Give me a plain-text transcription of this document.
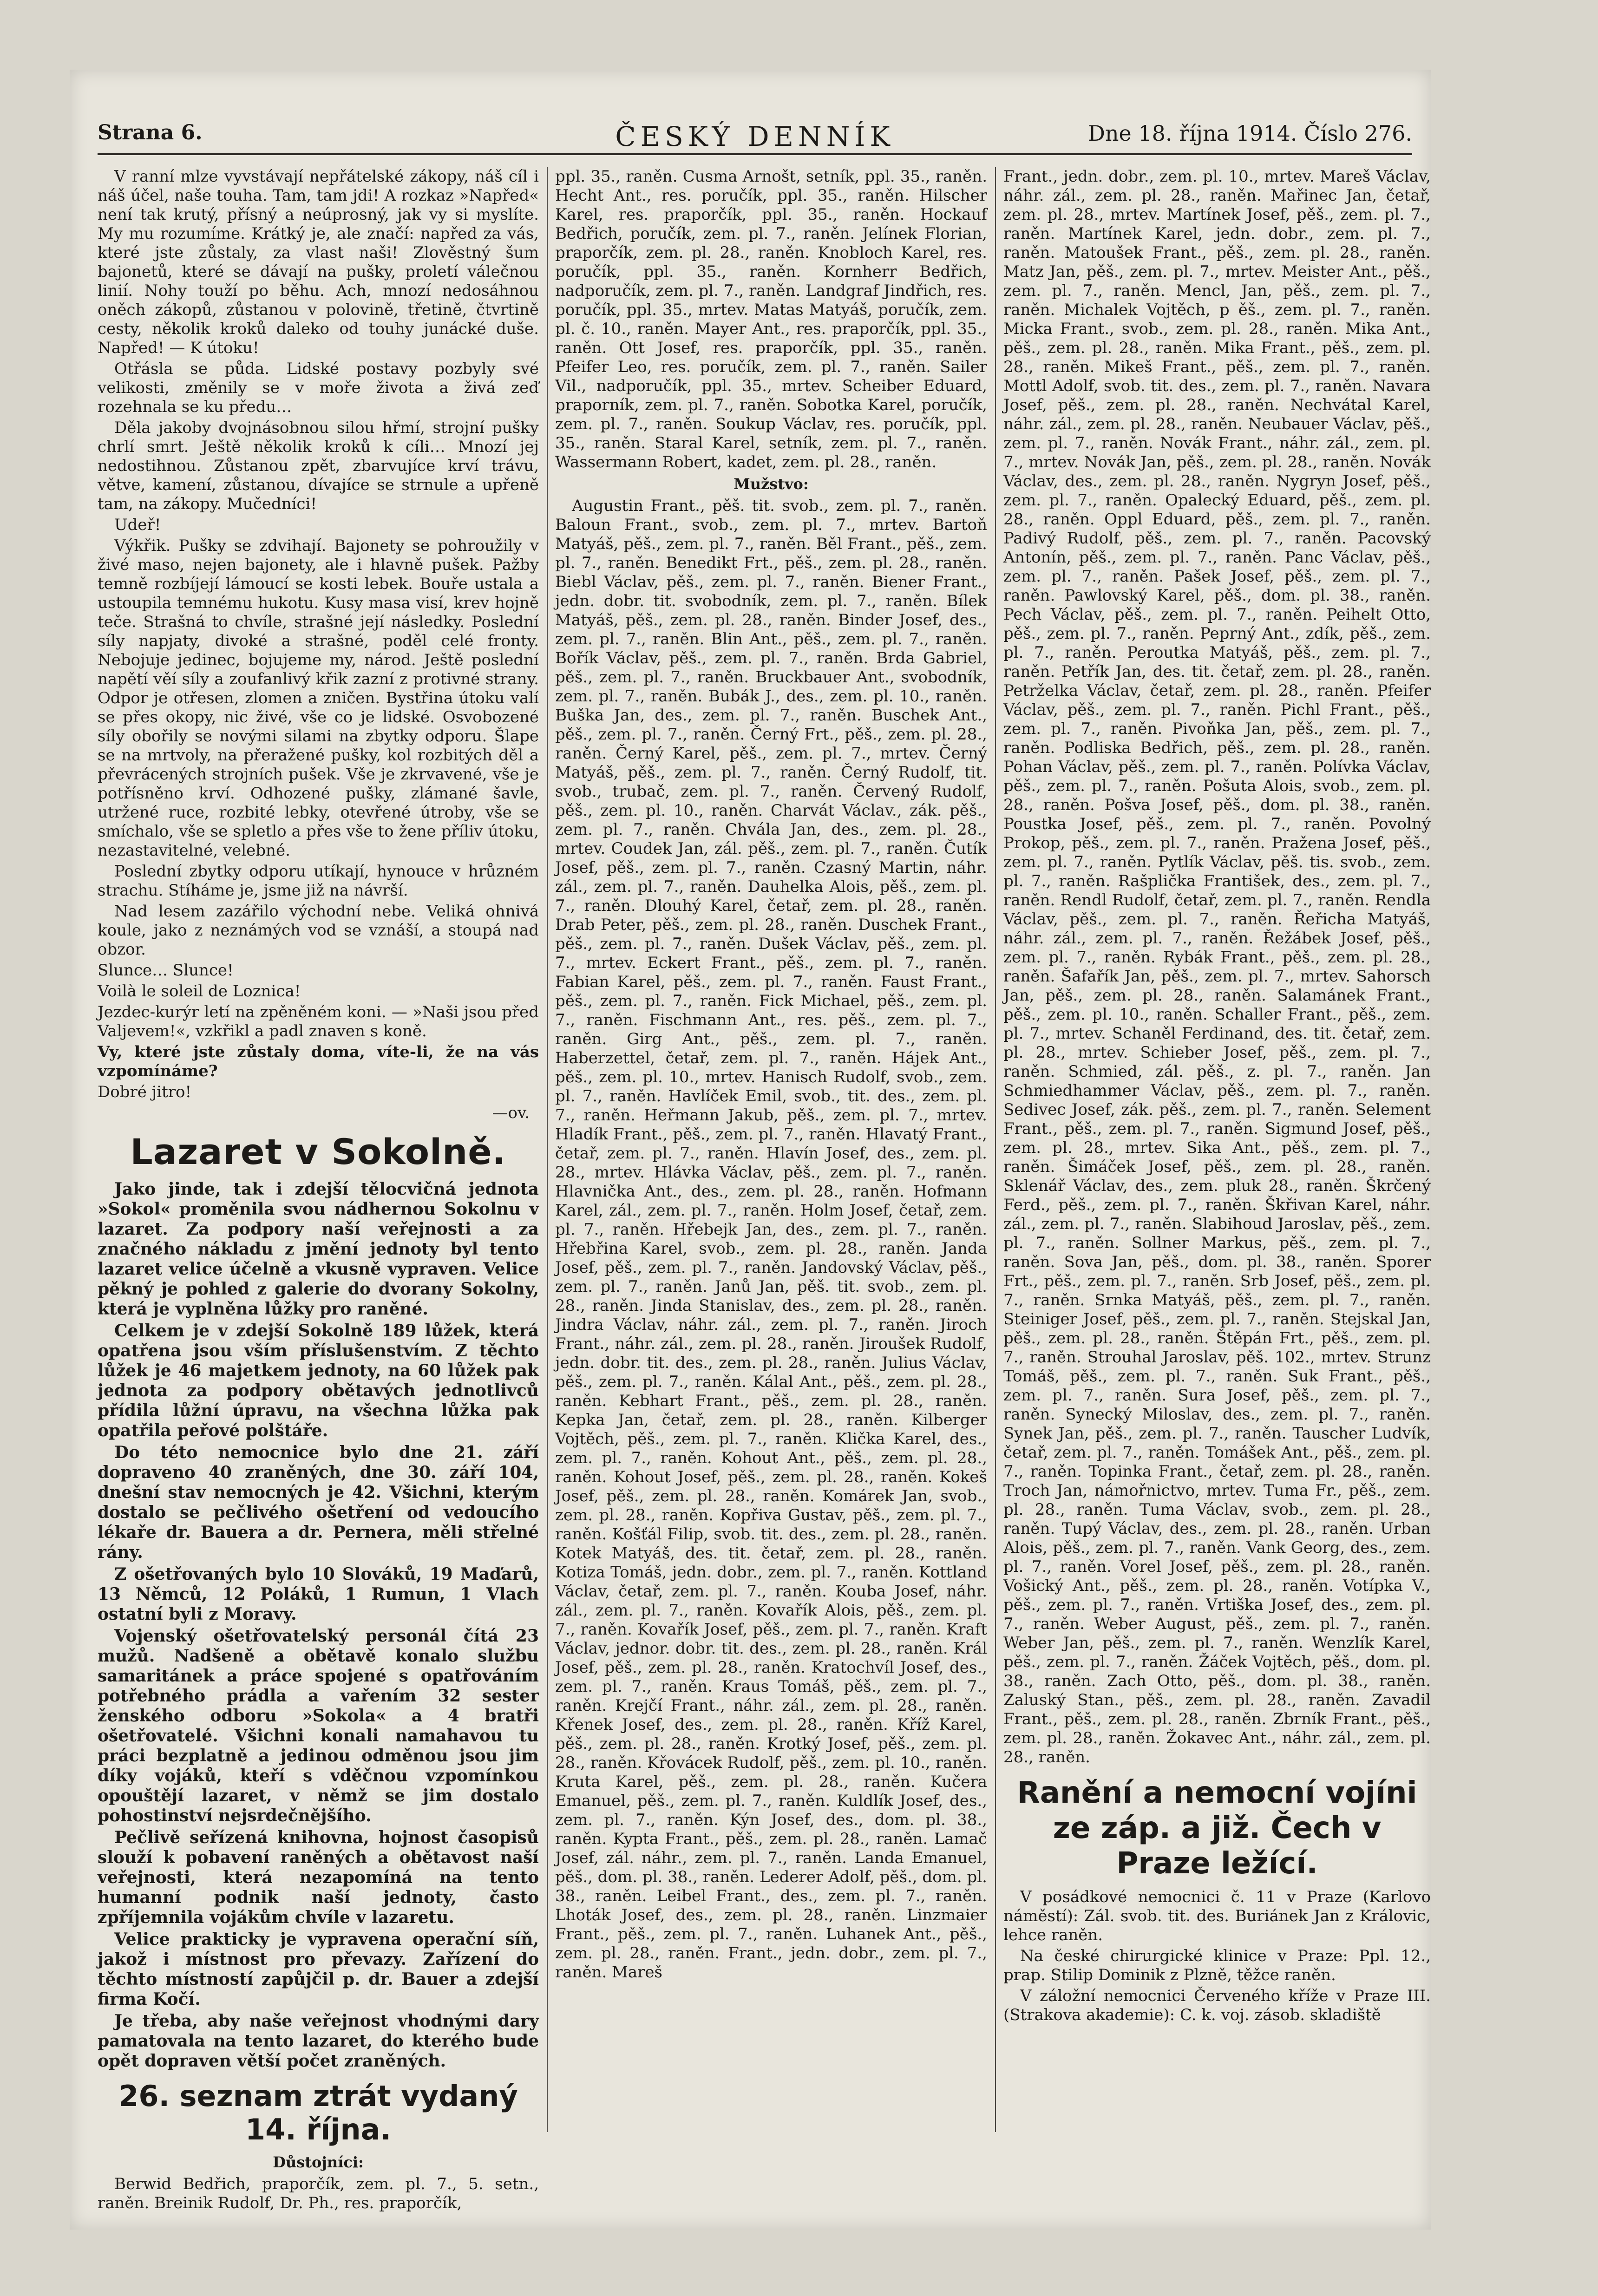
Strana 6.	ČESKÝ DENNÍK	Dne 18. října 1914. Číslo 276.

V ranní mlze vyvstávají nepřátelské zákopy, náš cíl i náš účel, naše touha. Tam, tam jdi! A rozkaz »Napřed« není tak krutý, přísný a neúprosný, jak vy si myslíte. My mu rozumíme. Krátký je, ale značí: napřed za vás, které jste zůstaly, za vlast naši! Zlověstný šum bajonetů, které se dávají na pušky, proletí válečnou linií. Nohy touží po běhu. Ach, mnozí nedosáhnou oněch zákopů, zůstanou v polovině, třetině, čtvrtině cesty, několik kroků daleko od touhy junácké duše. Napřed! — K útoku!

Otřásla se půda. Lidské postavy pozbyly své velikosti, změnily se v moře života a živá zeď rozehnala se ku předu…

Děla jakoby dvojnásobnou silou hřmí, strojní pušky chrlí smrt. Ještě několik kroků k cíli… Mnozí jej nedostihnou. Zůstanou zpět, zbarvujíce krví trávu, větve, kamení, zůstanou, dívajíce se strnule a upřeně tam, na zákopy. Mučedníci!

Udeř!

Výkřik. Pušky se zdvihají. Bajonety se pohroužily v živé maso, nejen bajonety, ale i hlavně pušek. Pažby temně rozbíjejí lámoucí se kosti lebek. Bouře ustala a ustoupila temnému hukotu. Kusy masa visí, krev hojně teče. Strašná to chvíle, strašné její následky. Poslední síly napjaty, divoké a strašné, poděl celé fronty. Nebojuje jedinec, bojujeme my, národ. Ještě poslední napětí věí síly a zoufanlivý křik zazní z protivné strany. Odpor je otřesen, zlomen a zničen. Bystřina útoku valí se přes okopy, nic živé, vše co je lidské. Osvobozené síly obořily se novými silami na zbytky odporu. Šlape se na mrtvoly, na přeražené pušky, kol rozbitých děl a převrácených strojních pušek. Vše je zkrvavené, vše je potřísněno krví. Odhozené pušky, zlámané šavle, utržené ruce, rozbité lebky, otevřené útroby, vše se smíchalo, vše se spletlo a přes vše to žene příliv útoku, nezastavitelné, velebné.

Poslední zbytky odporu utíkají, hynouce v hrůzném strachu. Stíháme je, jsme již na návrší.

Nad lesem zazářilo východní nebe. Veliká ohnivá koule, jako z neznámých vod se vznáší, a stoupá nad obzor.

Slunce… Slunce!

Voilà le soleil de Loznica!

Jezdec-kurýr letí na zpěněném koni. — »Naši jsou před Valjevem!«, vzkřikl a padl znaven s koně.

Vy, které jste zůstaly doma, víte-li, že na vás vzpomínáme?

Dobré jitro!

—ov.
Lazaret v Sokolně.

Jako jinde, tak i zdejší tělocvičná jednota »Sokol« proměnila svou nádhernou Sokolnu v lazaret. Za podpory naší veřejnosti a za značného nákladu z jmění jednoty byl tento lazaret velice účelně a vkusně vypraven. Velice pěkný je pohled z galerie do dvorany Sokolny, která je vyplněna lůžky pro raněné.

Celkem je v zdejší Sokolně 189 lůžek, která opatřena jsou vším příslušenstvím. Z těchto lůžek je 46 majetkem jednoty, na 60 lůžek pak jednota za podpory obětavých jednotlivců přídila lůžní úpravu, na všechna lůžka pak opatřila peřové polštáře.

Do této nemocnice bylo dne 21. září dopraveno 40 zraněných, dne 30. září 104, dnešní stav nemocných je 42. Všichni, kterým dostalo se pečlivého ošetření od vedoucího lékaře dr. Bauera a dr. Pernera, měli střelné rány.

Z ošetřovaných bylo 10 Slováků, 19 Maďarů, 13 Němců, 12 Poláků, 1 Rumun, 1 Vlach ostatní byli z Moravy.

Vojenský ošetřovatelský personál čítá 23 mužů. Nadšeně a obětavě konalo službu samaritánek a práce spojené s opatřováním potřebného prádla a vařením 32 sester ženského odboru »Sokola« a 4 bratři ošetřovatelé. Všichni konali namahavou tu práci bezplatně a jedinou odměnou jsou jim díky vojáků, kteří s vděčnou vzpomínkou opouštějí lazaret, v němž se jim dostalo pohostinství nejsrdečnějšího.

Pečlivě seřízená knihovna, hojnost časopisů slouží k pobavení raněných a obětavost naší veřejnosti, která nezapomíná na tento humanní podnik naší jednoty, často zpříjemnila vojákům chvíle v lazaretu.

Velice prakticky je vypravena operační síň, jakož i místnost pro převazy. Zařízení do těchto místností zapůjčil p. dr. Bauer a zdejší firma Kočí.

Je třeba, aby naše veřejnost vhodnými dary pamatovala na tento lazaret, do kterého bude opět dopraven větší počet zraněných.

26. seznam ztrát vydaný 14. října.

Důstojníci:

Berwid Bedřich, praporčík, zem. pl. 7., 5. setn., raněn. Breinik Rudolf, Dr. Ph., res. praporčík,

ppl. 35., raněn. Cusma Arnošt, setník, ppl. 35., raněn. Hecht Ant., res. poručík, ppl. 35., raněn. Hilscher Karel, res. praporčík, ppl. 35., raněn. Hockauf Bedřich, poručík, zem. pl. 7., raněn. Jelínek Florian, praporčík, zem. pl. 28., raněn. Knobloch Karel, res. poručík, ppl. 35., raněn. Kornherr Bedřich, nadporučík, zem. pl. 7., raněn. Landgraf Jindřich, res. poručík, ppl. 35., mrtev. Matas Matyáš, poručík, zem. pl. č. 10., raněn. Mayer Ant., res. praporčík, ppl. 35., raněn. Ott Josef, res. praporčík, ppl. 35., raněn. Pfeifer Leo, res. poručík, zem. pl. 7., raněn. Sailer Vil., nadporučík, ppl. 35., mrtev. Scheiber Eduard, praporník, zem. pl. 7., raněn. Sobotka Karel, poručík, zem. pl. 7., raněn. Soukup Václav, res. poručík, ppl. 35., raněn. Staral Karel, setník, zem. pl. 7., raněn. Wassermann Robert, kadet, zem. pl. 28., raněn.

Mužstvo:

Augustin Frant., pěš. tit. svob., zem. pl. 7., raněn. Baloun Frant., svob., zem. pl. 7., mrtev. Bartoň Matyáš, pěš., zem. pl. 7., raněn. Běl Frant., pěš., zem. pl. 7., raněn. Benedikt Frt., pěš., zem. pl. 28., raněn. Biebl Václav, pěš., zem. pl. 7., raněn. Biener Frant., jedn. dobr. tit. svobodník, zem. pl. 7., raněn. Bílek Matyáš, pěš., zem. pl. 28., raněn. Binder Josef, des., zem. pl. 7., raněn. Blin Ant., pěš., zem. pl. 7., raněn. Bořík Václav, pěš., zem. pl. 7., raněn. Brda Gabriel, pěš., zem. pl. 7., raněn. Bruckbauer Ant., svobodník, zem. pl. 7., raněn. Bubák J., des., zem. pl. 10., raněn. Buška Jan, des., zem. pl. 7., raněn. Buschek Ant., pěš., zem. pl. 7., raněn. Černý Frt., pěš., zem. pl. 28., raněn. Černý Karel, pěš., zem. pl. 7., mrtev. Černý Matyáš, pěš., zem. pl. 7., raněn. Černý Rudolf, tit. svob., trubač, zem. pl. 7., raněn. Červený Rudolf, pěš., zem. pl. 10., raněn. Charvát Václav., zák. pěš., zem. pl. 7., raněn. Chvála Jan, des., zem. pl. 28., mrtev. Coudek Jan, zál. pěš., zem. pl. 7., raněn. Čutík Josef, pěš., zem. pl. 7., raněn. Czasný Martin, náhr. zál., zem. pl. 7., raněn. Dauhelka Alois, pěš., zem. pl. 7., raněn. Dlouhý Karel, četař, zem. pl. 28., raněn. Drab Peter, pěš., zem. pl. 28., raněn. Duschek Frant., pěš., zem. pl. 7., raněn. Dušek Václav, pěš., zem. pl. 7., mrtev. Eckert Frant., pěš., zem. pl. 7., raněn. Fabian Karel, pěš., zem. pl. 7., raněn. Faust Frant., pěš., zem. pl. 7., raněn. Fick Michael, pěš., zem. pl. 7., raněn. Fischmann Ant., res. pěš., zem. pl. 7., raněn. Girg Ant., pěš., zem. pl. 7., raněn. Haberzettel, četař, zem. pl. 7., raněn. Hájek Ant., pěš., zem. pl. 10., mrtev. Hanisch Rudolf, svob., zem. pl. 7., raněn. Havlíček Emil, svob., tit. des., zem. pl. 7., raněn. Heřmann Jakub, pěš., zem. pl. 7., mrtev. Hladík Frant., pěš., zem. pl. 7., raněn. Hlavatý Frant., četař, zem. pl. 7., raněn. Hlavín Josef, des., zem. pl. 28., mrtev. Hlávka Václav, pěš., zem. pl. 7., raněn. Hlavnička Ant., des., zem. pl. 28., raněn. Hofmann Karel, zál., zem. pl. 7., raněn. Holm Josef, četař, zem. pl. 7., raněn. Hřebejk Jan, des., zem. pl. 7., raněn. Hřebřina Karel, svob., zem. pl. 28., raněn. Janda Josef, pěš., zem. pl. 7., raněn. Jandovský Václav, pěš., zem. pl. 7., raněn. Janů Jan, pěš. tit. svob., zem. pl. 28., raněn. Jinda Stanislav, des., zem. pl. 28., raněn. Jindra Václav, náhr. zál., zem. pl. 7., raněn. Jiroch Frant., náhr. zál., zem. pl. 28., raněn. Jiroušek Rudolf, jedn. dobr. tit. des., zem. pl. 28., raněn. Julius Václav, pěš., zem. pl. 7., raněn. Kálal Ant., pěš., zem. pl. 28., raněn. Kebhart Frant., pěš., zem. pl. 28., raněn. Kepka Jan, četař, zem. pl. 28., raněn. Kilberger Vojtěch, pěš., zem. pl. 7., raněn. Klička Karel, des., zem. pl. 7., raněn. Kohout Ant., pěš., zem. pl. 28., raněn. Kohout Josef, pěš., zem. pl. 28., raněn. Kokeš Josef, pěš., zem. pl. 28., raněn. Komárek Jan, svob., zem. pl. 28., raněn. Kopřiva Gustav, pěš., zem. pl. 7., raněn. Košťál Filip, svob. tit. des., zem. pl. 28., raněn. Kotek Matyáš, des. tit. četař, zem. pl. 28., raněn. Kotiza Tomáš, jedn. dobr., zem. pl. 7., raněn. Kottland Václav, četař, zem. pl. 7., raněn. Kouba Josef, náhr. zál., zem. pl. 7., raněn. Kovařík Alois, pěš., zem. pl. 7., raněn. Kovařík Josef, pěš., zem. pl. 7., raněn. Kraft Václav, jednor. dobr. tit. des., zem. pl. 28., raněn. Král Josef, pěš., zem. pl. 28., raněn. Kratochvíl Josef, des., zem. pl. 7., raněn. Kraus Tomáš, pěš., zem. pl. 7., raněn. Krejčí Frant., náhr. zál., zem. pl. 28., raněn. Křenek Josef, des., zem. pl. 28., raněn. Kříž Karel, pěš., zem. pl. 28., raněn. Krotký Josef, pěš., zem. pl. 28., raněn. Křovácek Rudolf, pěš., zem. pl. 10., raněn. Kruta Karel, pěš., zem. pl. 28., raněn. Kučera Emanuel, pěš., zem. pl. 7., raněn. Kuldlík Josef, des., zem. pl. 7., raněn. Kýn Josef, des., dom. pl. 38., raněn. Kypta Frant., pěš., zem. pl. 28., raněn. Lamač Josef, zál. náhr., zem. pl. 7., raněn. Landa Emanuel, pěš., dom. pl. 38., raněn. Lederer Adolf, pěš., dom. pl. 38., raněn. Leibel Frant., des., zem. pl. 7., raněn. Lhoták Josef, des., zem. pl. 28., raněn. Linzmaier Frant., pěš., zem. pl. 7., raněn. Luhanek Ant., pěš., zem. pl. 28., raněn. Frant., jedn. dobr., zem. pl. 7., raněn. Mareš

Frant., jedn. dobr., zem. pl. 10., mrtev. Mareš Václav, náhr. zál., zem. pl. 28., raněn. Mařinec Jan, četař, zem. pl. 28., mrtev. Martínek Josef, pěš., zem. pl. 7., raněn. Martínek Karel, jedn. dobr., zem. pl. 7., raněn. Matoušek Frant., pěš., zem. pl. 28., raněn. Matz Jan, pěš., zem. pl. 7., mrtev. Meister Ant., pěš., zem. pl. 7., raněn. Mencl, Jan, pěš., zem. pl. 7., raněn. Michalek Vojtěch, p ěš., zem. pl. 7., raněn. Micka Frant., svob., zem. pl. 28., raněn. Mika Ant., pěš., zem. pl. 28., raněn. Mika Frant., pěš., zem. pl. 28., raněn. Mikeš Frant., pěš., zem. pl. 7., raněn. Mottl Adolf, svob. tit. des., zem. pl. 7., raněn. Navara Josef, pěš., zem. pl. 28., raněn. Nechvátal Karel, náhr. zál., zem. pl. 28., raněn. Neubauer Václav, pěš., zem. pl. 7., raněn. Novák Frant., náhr. zál., zem. pl. 7., mrtev. Novák Jan, pěš., zem. pl. 28., raněn. Novák Václav, des., zem. pl. 28., raněn. Nygryn Josef, pěš., zem. pl. 7., raněn. Opalecký Eduard, pěš., zem. pl. 28., raněn. Oppl Eduard, pěš., zem. pl. 7., raněn. Padivý Rudolf, pěš., zem. pl. 7., raněn. Pacovský Antonín, pěš., zem. pl. 7., raněn. Panc Václav, pěš., zem. pl. 7., raněn. Pašek Josef, pěš., zem. pl. 7., raněn. Pawlovský Karel, pěš., dom. pl. 38., raněn. Pech Václav, pěš., zem. pl. 7., raněn. Peihelt Otto, pěš., zem. pl. 7., raněn. Peprný Ant., zdík, pěš., zem. pl. 7., raněn. Peroutka Matyáš, pěš., zem. pl. 7., raněn. Petřík Jan, des. tit. četař, zem. pl. 28., raněn. Petrželka Václav, četař, zem. pl. 28., raněn. Pfeifer Václav, pěš., zem. pl. 7., raněn. Pichl Frant., pěš., zem. pl. 7., raněn. Pivoňka Jan, pěš., zem. pl. 7., raněn. Podliska Bedřich, pěš., zem. pl. 28., raněn. Pohan Václav, pěš., zem. pl. 7., raněn. Polívka Václav, pěš., zem. pl. 7., raněn. Pošuta Alois, svob., zem. pl. 28., raněn. Pošva Josef, pěš., dom. pl. 38., raněn. Poustka Josef, pěš., zem. pl. 7., raněn. Povolný Prokop, pěš., zem. pl. 7., raněn. Pražena Josef, pěš., zem. pl. 7., raněn. Pytlík Václav, pěš. tis. svob., zem. pl. 7., raněn. Rašplička František, des., zem. pl. 7., raněn. Rendl Rudolf, četař, zem. pl. 7., raněn. Rendla Václav, pěš., zem. pl. 7., raněn. Řeřicha Matyáš, náhr. zál., zem. pl. 7., raněn. Řežábek Josef, pěš., zem. pl. 7., raněn. Rybák Frant., pěš., zem. pl. 28., raněn. Šafařík Jan, pěš., zem. pl. 7., mrtev. Sahorsch Jan, pěš., zem. pl. 28., raněn. Salamánek Frant., pěš., zem. pl. 10., raněn. Schaller Frant., pěš., zem. pl. 7., mrtev. Schaněl Ferdinand, des. tit. četař, zem. pl. 28., mrtev. Schieber Josef, pěš., zem. pl. 7., raněn. Schmied, zál. pěš., z. pl. 7., raněn. Jan Schmiedhammer Václav, pěš., zem. pl. 7., raněn. Sedivec Josef, zák. pěš., zem. pl. 7., raněn. Selement Frant., pěš., zem. pl. 7., raněn. Sigmund Josef, pěš., zem. pl. 28., mrtev. Sika Ant., pěš., zem. pl. 7., raněn. Šimáček Josef, pěš., zem. pl. 28., raněn. Sklenář Václav, des., zem. pluk 28., raněn. Škrčený Ferd., pěš., zem. pl. 7., raněn. Škřivan Karel, náhr. zál., zem. pl. 7., raněn. Slabihoud Jaroslav, pěš., zem. pl. 7., raněn. Sollner Markus, pěš., zem. pl. 7., raněn. Sova Jan, pěš., dom. pl. 38., raněn. Sporer Frt., pěš., zem. pl. 7., raněn. Srb Josef, pěš., zem. pl. 7., raněn. Srnka Matyáš, pěš., zem. pl. 7., raněn. Steiniger Josef, pěš., zem. pl. 7., raněn. Stejskal Jan, pěš., zem. pl. 28., raněn. Štěpán Frt., pěš., zem. pl. 7., raněn. Strouhal Jaroslav, pěš. 102., mrtev. Strunz Tomáš, pěš., zem. pl. 7., raněn. Suk Frant., pěš., zem. pl. 7., raněn. Sura Josef, pěš., zem. pl. 7., raněn. Synecký Miloslav, des., zem. pl. 7., raněn. Synek Jan, pěš., zem. pl. 7., raněn. Tauscher Ludvík, četař, zem. pl. 7., raněn. Tomášek Ant., pěš., zem. pl. 7., raněn. Topinka Frant., četař, zem. pl. 28., raněn. Troch Jan, námořnictvo, mrtev. Tuma Fr., pěš., zem. pl. 28., raněn. Tuma Václav, svob., zem. pl. 28., raněn. Tupý Václav, des., zem. pl. 28., raněn. Urban Alois, pěš., zem. pl. 7., raněn. Vank Georg, des., zem. pl. 7., raněn. Vorel Josef, pěš., zem. pl. 28., raněn. Vošický Ant., pěš., zem. pl. 28., raněn. Votípka V., pěš., zem. pl. 7., raněn. Vrtiška Josef, des., zem. pl. 7., raněn. Weber August, pěš., zem. pl. 7., raněn. Weber Jan, pěš., zem. pl. 7., raněn. Wenzlík Karel, pěš., zem. pl. 7., raněn. Žáček Vojtěch, pěš., dom. pl. 38., raněn. Zach Otto, pěš., dom. pl. 38., raněn. Zaluský Stan., pěš., zem. pl. 28., raněn. Zavadil Frant., pěš., zem. pl. 28., raněn. Zbrník Frant., pěš., zem. pl. 28., raněn. Žokavec Ant., náhr. zál., zem. pl. 28., raněn.

Ranění a nemocní vojíni ze záp. a již. Čech v Praze ležící.

V posádkové nemocnici č. 11 v Praze (Karlovo náměstí): Zál. svob. tit. des. Buriánek Jan z Královic, lehce raněn.

Na české chirurgické klinice v Praze: Ppl. 12., prap. Stilip Dominik z Plzně, těžce raněn.

V záložní nemocnici Červeného kříže v Praze III. (Strakova akademie): C. k. voj. zásob. skladiště
